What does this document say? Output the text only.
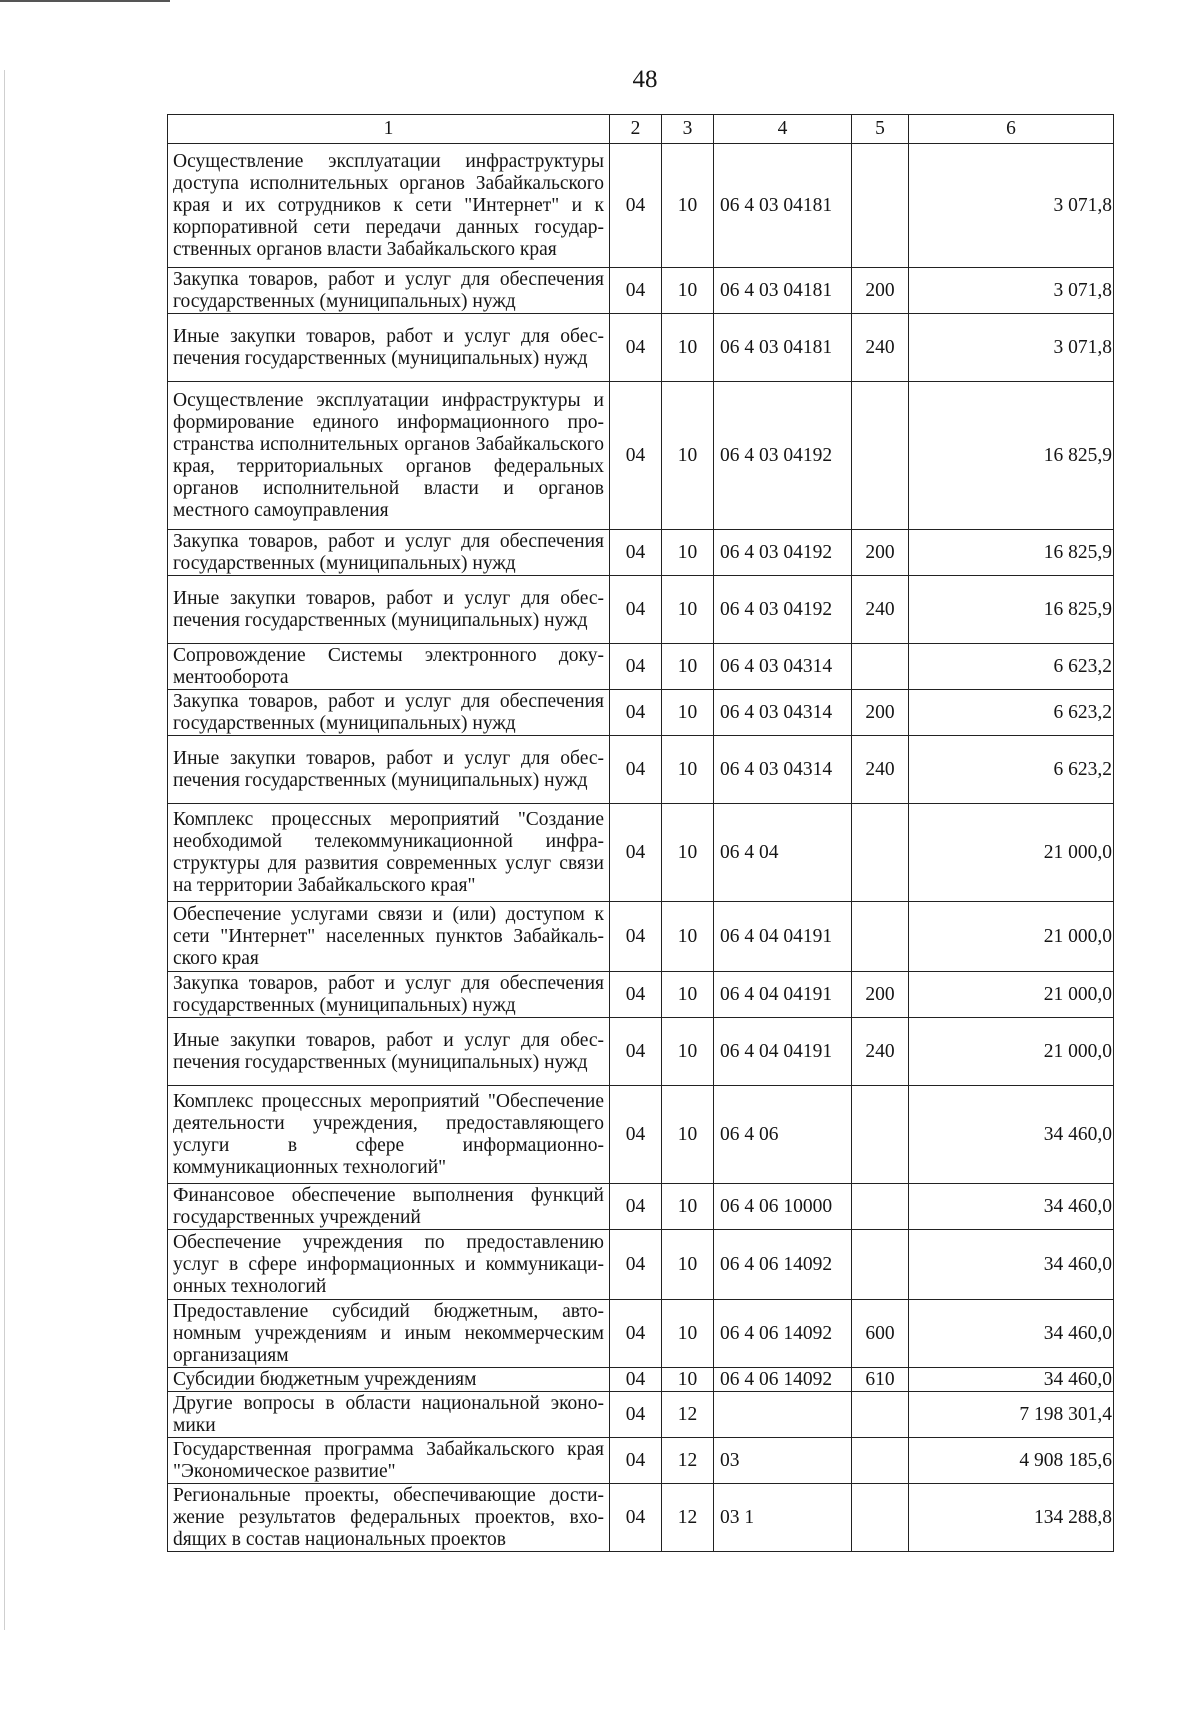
48
1	2	3	4	5	6
Осуществление эксплуатации инфраструктуры доступа исполнительных органов Забайкальского края и их сотрудников к сети "Интернет" и к корпоративной сети передачи данных государственных органов власти Забайкальского края	04	10	06 4 03 04181		3 071,8
Закупка товаров, работ и услуг для обеспечения государственных (муниципальных) нужд	04	10	06 4 03 04181	200	3 071,8
Иные закупки товаров, работ и услуг для обеспечения государственных (муниципальных) нужд	04	10	06 4 03 04181	240	3 071,8
Осуществление эксплуатации инфраструктуры и формирование единого информационного пространства исполнительных органов Забайкальского края, территориальных органов федеральных органов исполнительной власти и органов местного самоуправления	04	10	06 4 03 04192		16 825,9
Закупка товаров, работ и услуг для обеспечения государственных (муниципальных) нужд	04	10	06 4 03 04192	200	16 825,9
Иные закупки товаров, работ и услуг для обеспечения государственных (муниципальных) нужд	04	10	06 4 03 04192	240	16 825,9
Сопровождение Системы электронного документооборота	04	10	06 4 03 04314		6 623,2
Закупка товаров, работ и услуг для обеспечения государственных (муниципальных) нужд	04	10	06 4 03 04314	200	6 623,2
Иные закупки товаров, работ и услуг для обеспечения государственных (муниципальных) нужд	04	10	06 4 03 04314	240	6 623,2
Комплекс процессных мероприятий "Создание необходимой телекоммуникационной инфраструктуры для развития современных услуг связи на территории Забайкальского края"	04	10	06 4 04		21 000,0
Обеспечение услугами связи и (или) доступом к сети "Интернет" населенных пунктов Забайкальского края	04	10	06 4 04 04191		21 000,0
Закупка товаров, работ и услуг для обеспечения государственных (муниципальных) нужд	04	10	06 4 04 04191	200	21 000,0
Иные закупки товаров, работ и услуг для обеспечения государственных (муниципальных) нужд	04	10	06 4 04 04191	240	21 000,0
Комплекс процессных мероприятий "Обеспечение деятельности учреждения, предоставляющего услуги в сфере информационно-коммуникационных технологий"	04	10	06 4 06		34 460,0
Финансовое обеспечение выполнения функций государственных учреждений	04	10	06 4 06 10000		34 460,0
Обеспечение учреждения по предоставлению услуг в сфере информационных и коммуникационных технологий	04	10	06 4 06 14092		34 460,0
Предоставление субсидий бюджетным, автономным учреждениям и иным некоммерческим организациям	04	10	06 4 06 14092	600	34 460,0
Субсидии бюджетным учреждениям	04	10	06 4 06 14092	610	34 460,0
Другие вопросы в области национальной экономики	04	12			7 198 301,4
Государственная программа Забайкальского края "Экономическое развитие"	04	12	03		4 908 185,6
Региональные проекты, обеспечивающие достижение результатов федеральных проектов, вхоdящих в состав национальных проектов	04	12	03 1		134 288,8
